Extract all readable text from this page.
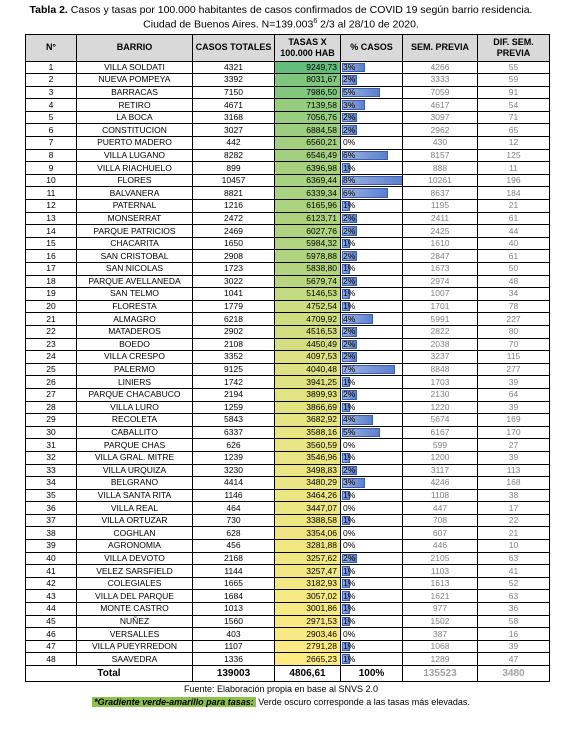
Tabla 2. Casos y tasas por 100.000 habitantes de casos confirmados de COVID 19 según barrio residencia.
Ciudad de Buenos Aires. $N=139.003^6$ 2/3 al 28/10 de 2020.
N°	BARRIO	CASOS TOTALES	TASAS X 100.000 HAB	% CASOS	SEM. PREVIA	DIF. SEM. PREVIA
1	VILLA SOLDATI	4321	9249,73	3%	4266	55
2	NUEVA POMPEYA	3392	8031,67	2%	3333	59
3	BARRACAS	7150	7986,50	5%	7059	91
4	RETIRO	4671	7139,58	3%	4617	54
5	LA BOCA	3168	7056,76	2%	3097	71
6	CONSTITUCION	3027	6884,58	2%	2962	65
7	PUERTO MADERO	442	6560,21	0%	430	12
8	VILLA LUGANO	8282	6546,49	6%	8157	125
9	VILLA RIACHUELO	899	6396,98	1%	888	11
10	FLORES	10457	6369,44	8%	10261	196
11	BALVANERA	8821	6339,34	6%	8637	184
12	PATERNAL	1216	6165,96	1%	1195	21
13	MONSERRAT	2472	6123,71	2%	2411	61
14	PARQUE PATRICIOS	2469	6027,76	2%	2425	44
15	CHACARITA	1650	5984,32	1%	1610	40
16	SAN CRISTOBAL	2908	5978,88	2%	2847	61
17	SAN NICOLAS	1723	5838,80	1%	1673	50
18	PARQUE AVELLANEDA	3022	5679,74	2%	2974	48
19	SAN TELMO	1041	5146,53	1%	1007	34
20	FLORESTA	1779	4752,54	1%	1701	78
21	ALMAGRO	6218	4709,92	4%	5991	227
22	MATADEROS	2902	4516,53	2%	2822	80
23	BOEDO	2108	4450,49	2%	2038	70
24	VILLA CRESPO	3352	4097,53	2%	3237	115
25	PALERMO	9125	4040,48	7%	8848	277
26	LINIERS	1742	3941,25	1%	1703	39
27	PARQUE CHACABUCO	2194	3899,93	2%	2130	64
28	VILLA LURO	1259	3866,69	1%	1220	39
29	RECOLETA	5843	3682,92	4%	5674	169
30	CABALLITO	6337	3588,16	5%	6167	170
31	PARQUE CHAS	626	3560,59	0%	599	27
32	VILLA GRAL. MITRE	1239	3546,96	1%	1200	39
33	VILLA URQUIZA	3230	3498,83	2%	3117	113
34	BELGRANO	4414	3480,29	3%	4246	168
35	VILLA SANTA RITA	1146	3464,26	1%	1108	38
36	VILLA REAL	464	3447,07	0%	447	17
37	VILLA ORTUZAR	730	3388,58	1%	708	22
38	COGHLAN	628	3354,06	0%	607	21
39	AGRONOMIA	456	3281,88	0%	446	10
40	VILLA DEVOTO	2168	3257,62	2%	2105	63
41	VELEZ SARSFIELD	1144	3257,47	1%	1103	41
42	COLEGIALES	1665	3182,93	1%	1613	52
43	VILLA DEL PARQUE	1684	3057,02	1%	1621	63
44	MONTE CASTRO	1013	3001,86	1%	977	36
45	NUÑEZ	1560	2971,53	1%	1502	58
46	VERSALLES	403	2903,46	0%	387	16
47	VILLA PUEYRREDON	1107	2791,28	1%	1068	39
48	SAAVEDRA	1336	2665,23	1%	1289	47
Total		139003	4806,61	100%	135523	3480
Fuente: Elaboración propia en base al SNVS 2.0
*Gradiente verde-amarillo para tasas: Verde oscuro corresponde a las tasas más elevadas.
